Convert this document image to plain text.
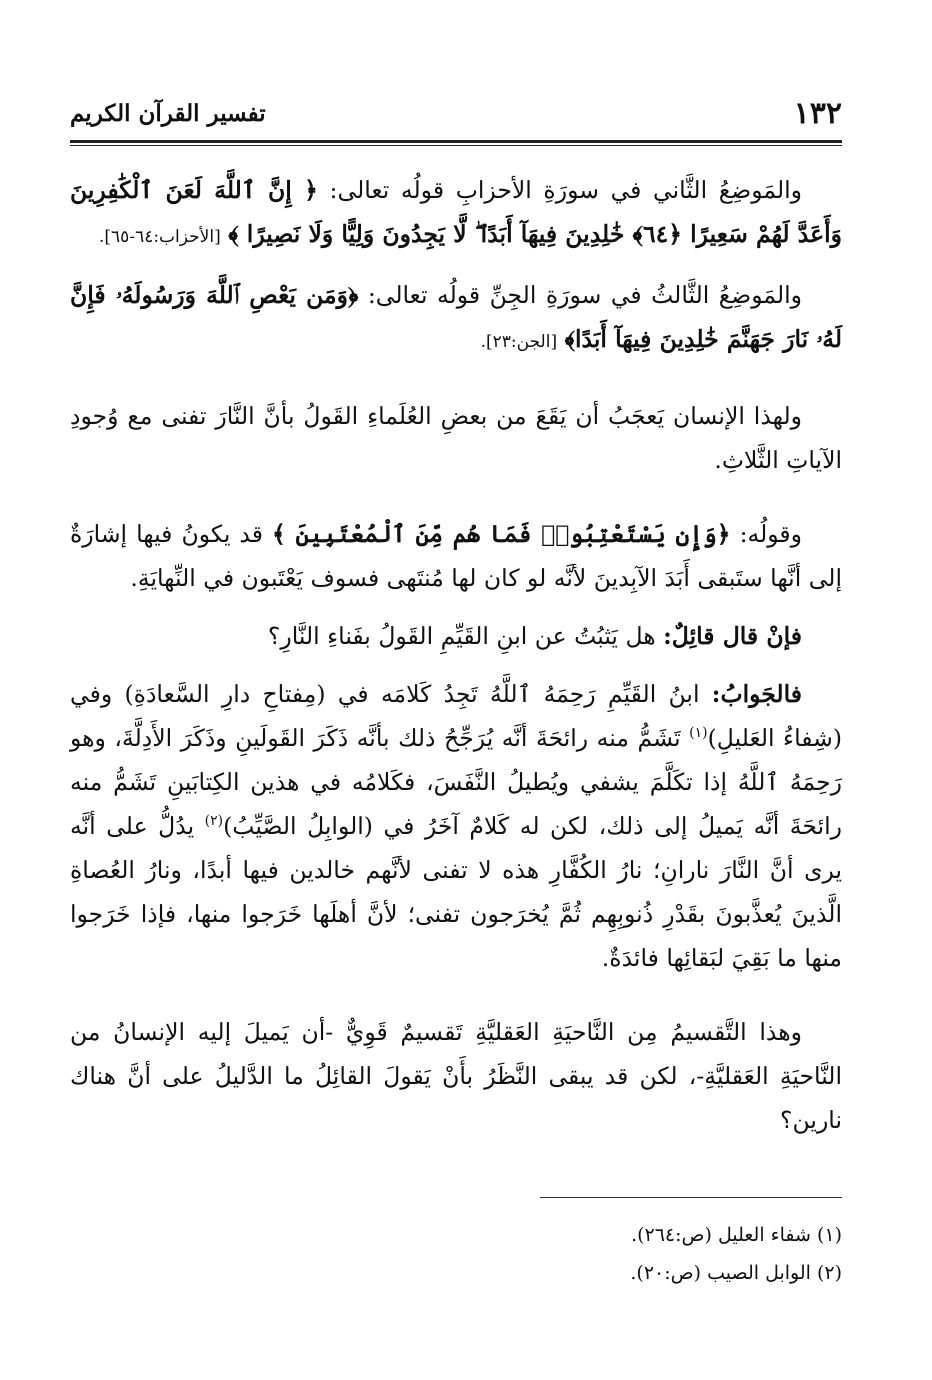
١٣٢
تفسير القرآن الكريم

والمَوضِعُ الثَّاني في سورَةِ الأحزابِ قولُه تعالى: ﴿ إِنَّ ٱللَّهَ لَعَنَ ٱلْكَٰفِرِينَ وَأَعَدَّ لَهُمْ سَعِيرًا ﴿٦٤﴾ خَٰلِدِينَ فِيهَآ أَبَدًا ۖ لَّا يَجِدُونَ وَلِيًّا وَلَا نَصِيرًا ﴾ [الأحزاب:٦٤-٦٥].

والمَوضِعُ الثَّالثُ في سورَةِ الجِنِّ قولُه تعالى: ﴿وَمَن يَعْصِ ٱللَّهَ وَرَسُولَهُۥ فَإِنَّ لَهُۥ نَارَ جَهَنَّمَ خَٰلِدِينَ فِيهَآ أَبَدًا﴾ [الجن:٢٣].

ولهذا الإنسان يَعجَبُ أن يَقَعَ من بعضِ العُلَماءِ القَولُ بأنَّ النَّارَ تفنى مع وُجودِ الآياتِ الثَّلاثِ.

وقولُه: ﴿وَإِن يَسْتَعْتِبُوا۟ فَمَا هُم مِّنَ ٱلْمُعْتَبِينَ ﴾ قد يكونُ فيها إشارَةٌ إلى أنَّها ستَبقى أَبَدَ الآبِدينَ لأنَّه لو كان لها مُنتَهى فسوف يَعْتَبون في النِّهايَةِ.

فإنْ قال قائِلٌ: هل يَثبُتُ عن ابنِ القَيِّمِ القَولُ بفَناءِ النَّارِ؟

فالجَوابُ: ابنُ القَيِّمِ رَحِمَهُ ٱللَّهُ تَجِدُ كَلامَه في (مِفتاحِ دارِ السَّعادَةِ) وفي (شِفاءُ العَليلِ)$^{(١)}$ تَشَمُّ منه رائحَةَ أنَّه يُرَجِّحُ ذلك بأنَّه ذَكَرَ القَولَينِ وذَكَرَ الأَدِلَّةَ، وهو رَحِمَهُ ٱللَّهُ إذا تكَلَّمَ يشفي ويُطيلُ النَّفَسَ، فكَلامُه في هذين الكِتابَينِ تَشَمُّ منه رائحَةَ أنَّه يَميلُ إلى ذلك، لكن له كَلامٌ آخَرُ في (الوابِلُ الصَّيِّبُ)$^{(٢)}$ يدُلُّ على أنَّه يرى أنَّ النَّارَ نارانِ؛ نارُ الكُفَّارِ هذه لا تفنى لأنَّهم خالدين فيها أبدًا، ونارُ العُصاةِ الَّذينَ يُعذَّبونَ بقَدْرِ ذُنوبِهِم ثُمَّ يُخرَجون تفنى؛ لأنَّ أهلَها خَرَجوا منها، فإذا خَرَجوا منها ما بَقِيَ لبَقائِها فائدَةٌ.

وهذا التَّقسيمُ مِن النَّاحيَةِ العَقليَّةِ تَقسيمٌ قَوِيٌّ -أن يَميلَ إليه الإنسانُ من النَّاحيَةِ العَقليَّةِ-، لكن قد يبقى النَّظَرُ بأَنْ يَقولَ القائِلُ ما الدَّليلُ على أنَّ هناك نارين؟

(١) شفاء العليل (ص:٢٦٤).
(٢) الوابل الصيب (ص:٢٠).
